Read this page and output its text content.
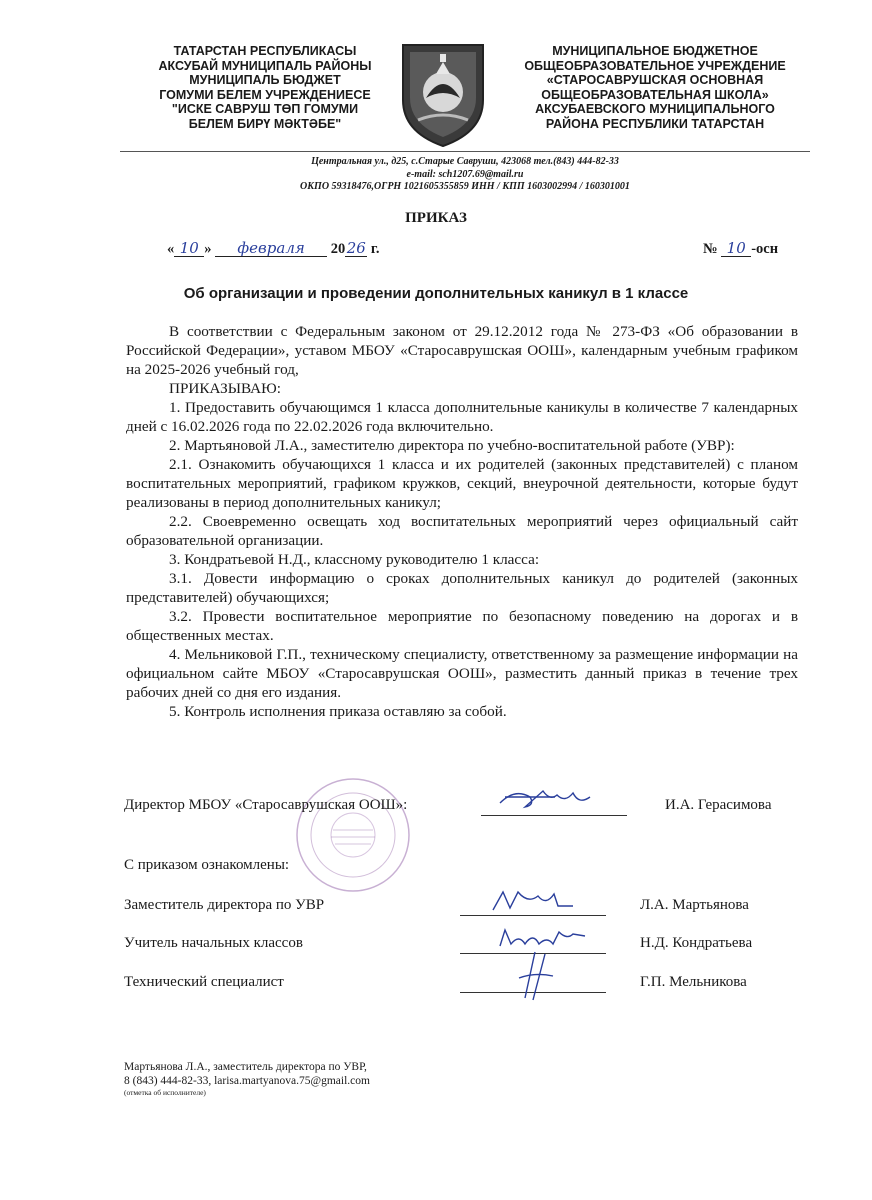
ТАТАРСТАН РЕСПУБЛИКАСЫ
АКСУБАЙ МУНИЦИПАЛЬ РАЙОНЫ
МУНИЦИПАЛЬ БЮДЖЕТ
ГОМУМИ БЕЛЕМ УЧРЕЖДЕНИЕСЕ
"ИСКЕ САВРУШ ТӨП ГОМУМИ
БЕЛЕМ БИРҮ МӘКТӘБЕ"
МУНИЦИПАЛЬНОЕ БЮДЖЕТНОЕ
ОБЩЕОБРАЗОВАТЕЛЬНОЕ УЧРЕЖДЕНИЕ
«СТАРОСАВРУШСКАЯ ОСНОВНАЯ
ОБЩЕОБРАЗОВАТЕЛЬНАЯ ШКОЛА»
АКСУБАЕВСКОГО МУНИЦИПАЛЬНОГО
РАЙОНА РЕСПУБЛИКИ ТАТАРСТАН
Центральная ул., д25, с.Старые Савруши, 423068 тел.(843) 444-82-33
e-mail: sch1207.69@mail.ru
ОКПО 59318476,ОГРН 1021605355859 ИНН / КПП 1603002994 / 160301001
ПРИКАЗ
« 10 » февраля 2026 г.	№ 10 -осн
Об организации и проведении дополнительных каникул в 1 классе

В соответствии с Федеральным законом от 29.12.2012 года № 273-ФЗ «Об образовании в Российской Федерации», уставом МБОУ «Старосаврушская ООШ», календарным учебным графиком на 2025-2026 учебный год,

ПРИКАЗЫВАЮ:

1. Предоставить обучающимся 1 класса дополнительные каникулы в количестве 7 календарных дней с 16.02.2026 года по 22.02.2026 года включительно.

2. Мартьяновой Л.А., заместителю директора по учебно-воспитательной работе (УВР):

2.1. Ознакомить обучающихся 1 класса и их родителей (законных представителей) с планом воспитательных мероприятий, графиком кружков, секций, внеурочной деятельности, которые будут реализованы в период дополнительных каникул;

2.2. Своевременно освещать ход воспитательных мероприятий через официальный сайт образовательной организации.

3. Кондратьевой Н.Д., классному руководителю 1 класса:

3.1. Довести информацию о сроках дополнительных каникул до родителей (законных представителей) обучающихся;

3.2. Провести воспитательное мероприятие по безопасному поведению на дорогах и в общественных местах.

4. Мельниковой Г.П., техническому специалисту, ответственному за размещение информации на официальном сайте МБОУ «Старосаврушская ООШ», разместить данный приказ в течение трех рабочих дней со дня его издания.

5. Контроль исполнения приказа оставляю за собой.

Директор МБОУ «Старосаврушская ООШ»:	И.А. Герасимова
С приказом ознакомлены:
Заместитель директора по УВР	Л.А. Мартьянова
Учитель начальных классов	Н.Д. Кондратьева
Технический специалист	Г.П. Мельникова
Мартьянова Л.А., заместитель директора по УВР,
8 (843) 444-82-33, larisa.martyanova.75@gmail.com
(отметка об исполнителе)
